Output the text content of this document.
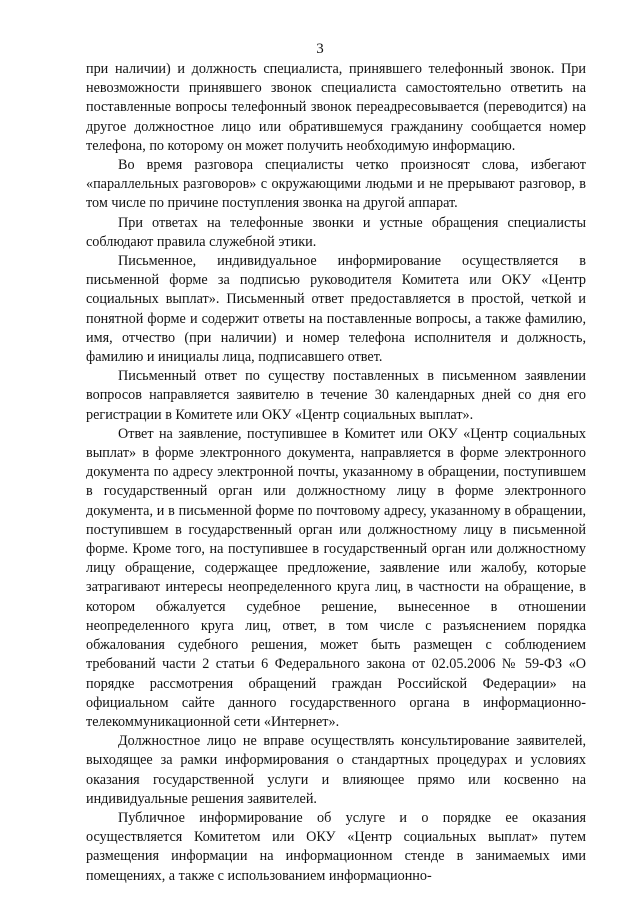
3

при наличии) и должность специалиста, принявшего телефонный звонок. При невозможности принявшего звонок специалиста самостоятельно ответить на поставленные вопросы телефонный звонок переадресовывается (переводится) на другое должностное лицо или обратившемуся гражданину сообщается номер телефона, по которому он может получить необходимую информацию.

Во время разговора специалисты четко произносят слова, избегают «параллельных разговоров» с окружающими людьми и не прерывают разговор, в том числе по причине поступления звонка на другой аппарат.

При ответах на телефонные звонки и устные обращения специалисты соблюдают правила служебной этики.

Письменное, индивидуальное информирование осуществляется в письменной форме за подписью руководителя Комитета или ОКУ «Центр социальных выплат». Письменный ответ предоставляется в простой, четкой и понятной форме и содержит ответы на поставленные вопросы, а также фамилию, имя, отчество (при наличии) и номер телефона исполнителя и должность, фамилию и инициалы лица, подписавшего ответ.

Письменный ответ по существу поставленных в письменном заявлении вопросов направляется заявителю в течение 30 календарных дней со дня его регистрации в Комитете или ОКУ «Центр социальных выплат».

Ответ на заявление, поступившее в Комитет или ОКУ «Центр социальных выплат» в форме электронного документа, направляется в форме электронного документа по адресу электронной почты, указанному в обращении, поступившем в государственный орган или должностному лицу в форме электронного документа, и в письменной форме по почтовому адресу, указанному в обращении, поступившем в государственный орган или должностному лицу в письменной форме. Кроме того, на поступившее в государственный орган или должностному лицу обращение, содержащее предложение, заявление или жалобу, которые затрагивают интересы неопределенного круга лиц, в частности на обращение, в котором обжалуется судебное решение, вынесенное в отношении неопределенного круга лиц, ответ, в том числе с разъяснением порядка обжалования судебного решения, может быть размещен с соблюдением требований части 2 статьи 6 Федерального закона от 02.05.2006 № 59-ФЗ «О порядке рассмотрения обращений граждан Российской Федерации» на официальном сайте данного государственного органа в информационно-телекоммуникационной сети «Интернет».

Должностное лицо не вправе осуществлять консультирование заявителей, выходящее за рамки информирования о стандартных процедурах и условиях оказания государственной услуги и влияющее прямо или косвенно на индивидуальные решения заявителей.

Публичное информирование об услуге и о порядке ее оказания осуществляется Комитетом или ОКУ «Центр социальных выплат» путем размещения информации на информационном стенде в занимаемых ими помещениях, а также с использованием информационно-
